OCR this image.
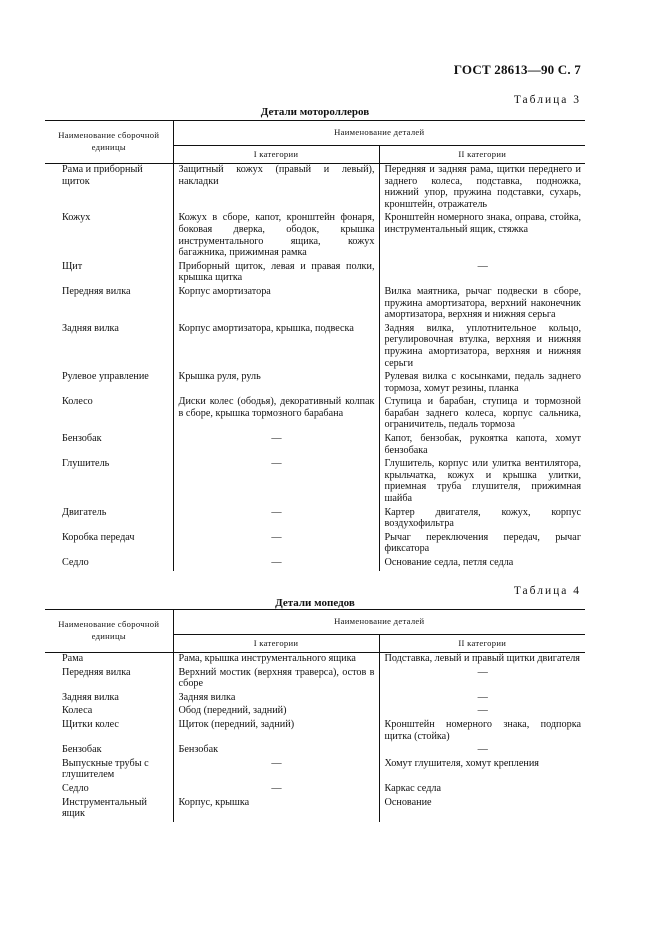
ГОСТ 28613—90 С. 7
Таблица 3
Детали мотороллеров
Наименование сборочной единицы	Наименование деталей	
	I категории	II категории
Рама и приборный щиток	Защитный кожух (правый и левый), накладки	Передняя и задняя рама, щитки переднего и заднего колеса, подставка, подножка, нижний упор, пружина подставки, сухарь, кронштейн, отражатель
Кожух	Кожух в сборе, капот, кронштейн фонаря, боковая дверка, ободок, крышка инструментального ящика, кожух багажника, прижимная рамка	Кронштейн номерного знака, оправа, стойка, инструментальный ящик, стяжка
Щит	Приборный щиток, левая и правая полки, крышка щитка	—
Передняя вилка	Корпус амортизатора	Вилка маятника, рычаг подвески в сборе, пружина амортизатора, верхний наконечник амортизатора, верхняя и нижняя серьга
Задняя вилка	Корпус амортизатора, крышка, подвеска	Задняя вилка, уплотнительное кольцо, регулировочная втулка, верхняя и нижняя пружина амортизатора, верхняя и нижняя серьги
Рулевое управление	Крышка руля, руль	Рулевая вилка с косынками, педаль заднего тормоза, хомут резины, планка
Колесо	Диски колес (ободья), декоративный колпак в сборе, крышка тормозного барабана	Ступица и барабан, ступица и тормозной барабан заднего колеса, корпус сальника, ограничитель, педаль тормоза
Бензобак	—	Капот, бензобак, рукоятка капота, хомут бензобака
Глушитель	—	Глушитель, корпус или улитка вентилятора, крыльчатка, кожух и крышка улитки, приемная труба глушителя, прижимная шайба
Двигатель	—	Картер двигателя, кожух, корпус воздухофильтра
Коробка передач	—	Рычаг переключения передач, рычаг фиксатора
Седло	—	Основание седла, петля седла
Таблица 4
Детали мопедов
Наименование сборочной единицы	Наименование деталей	
	I категории	II категории
Рама	Рама, крышка инструментального ящика	Подставка, левый и правый щитки двигателя
Передняя вилка	Верхний мостик (верхняя траверса), остов в сборе	—
Задняя вилка	Задняя вилка	—
Колеса	Обод (передний, задний)	—
Щитки колес	Щиток (передний, задний)	Кронштейн номерного знака, подпорка щитка (стойка)
Бензобак	Бензобак	—
Выпускные трубы с глушителем	—	Хомут глушителя, хомут крепления
Седло	—	Каркас седла
Инструментальный ящик	Корпус, крышка	Основание
